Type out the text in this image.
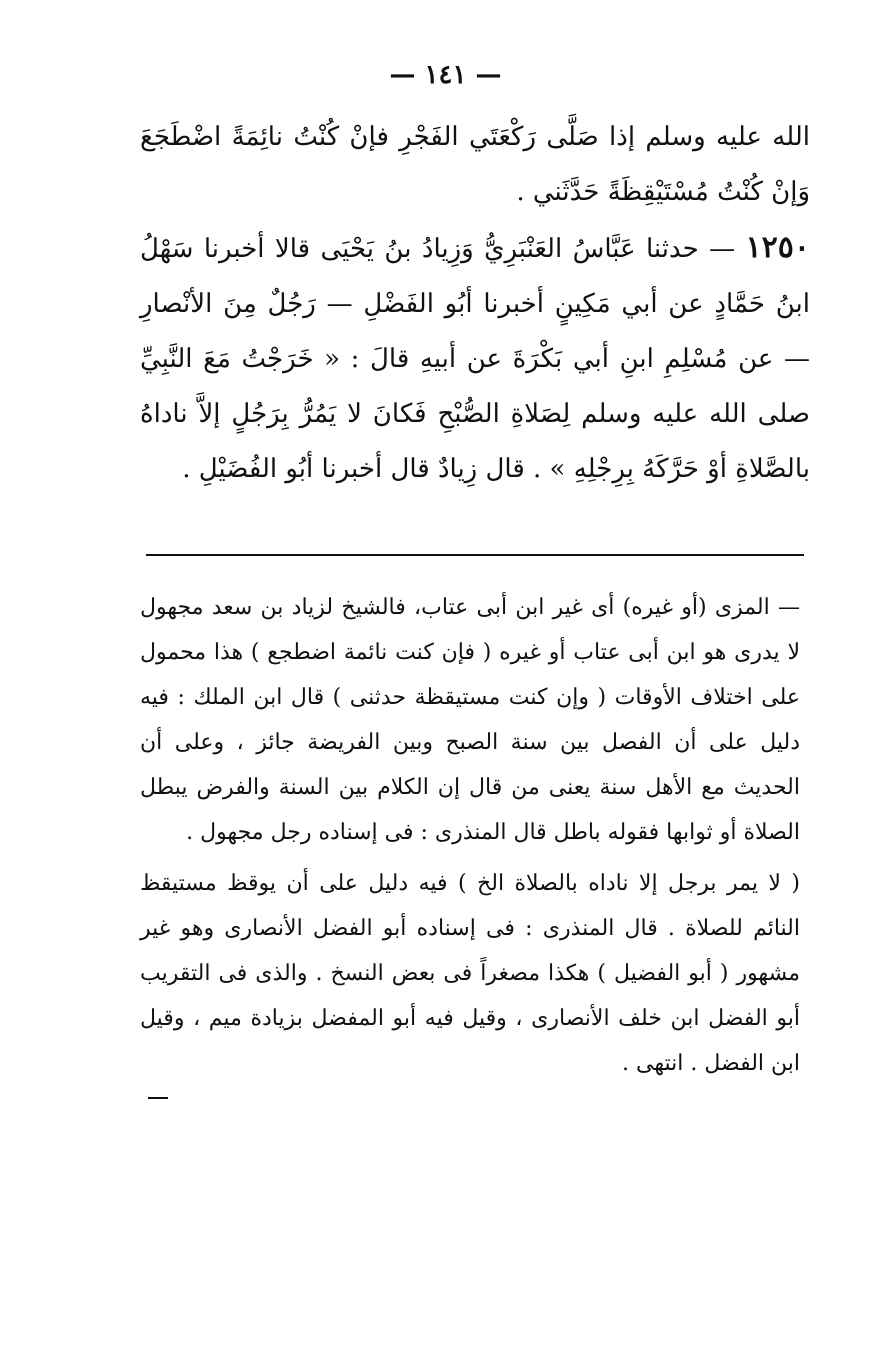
— ١٤١ —

الله عليه وسلم إذا صَلَّى رَكْعَتَي الفَجْرِ فإنْ كُنْتُ نائِمَةً اضْطَجَعَ وَإنْ كُنْتُ مُسْتَيْقِظَةً حَدَّثَني .

١٢٥٠ — حدثنا عَبَّاسُ العَنْبَرِيُّ وَزِيادُ بنُ يَحْيَى قالا أخبرنا سَهْلُ ابنُ حَمَّادٍ عن أبي مَكِينٍ أخبرنا أبُو الفَضْلِ — رَجُلٌ مِنَ الأنْصارِ — عن مُسْلِمِ ابنِ أبي بَكْرَةَ عن أبيهِ قالَ : « خَرَجْتُ مَعَ النَّبِيِّ صلى الله عليه وسلم لِصَلاةِ الصُّبْحِ فَكانَ لا يَمُرُّ بِرَجُلٍ إلاَّ ناداهُ بالصَّلاةِ أوْ حَرَّكَهُ بِرِجْلِهِ » . قال زِيادٌ قال أخبرنا أبُو الفُضَيْلِ .

— المزى (أو غيره) أى غير ابن أبى عتاب، فالشيخ لزياد بن سعد مجهول لا يدرى هو ابن أبى عتاب أو غيره ( فإن كنت نائمة اضطجع ) هذا محمول على اختلاف الأوقات ( وإن كنت مستيقظة حدثنى ) قال ابن الملك : فيه دليل على أن الفصل بين سنة الصبح وبين الفريضة جائز ، وعلى أن الحديث مع الأهل سنة يعنى من قال إن الكلام بين السنة والفرض يبطل الصلاة أو ثوابها فقوله باطل قال المنذرى : فى إسناده رجل مجهول .

( لا يمر برجل إلا ناداه بالصلاة الخ ) فيه دليل على أن يوقظ مستيقظ النائم للصلاة . قال المنذرى : فى إسناده أبو الفضل الأنصارى وهو غير مشهور ( أبو الفضيل ) هكذا مصغراً فى بعض النسخ . والذى فى التقريب أبو الفضل ابن خلف الأنصارى ، وقيل فيه أبو المفضل بزيادة ميم ، وقيل ابن الفضل . انتهى .
